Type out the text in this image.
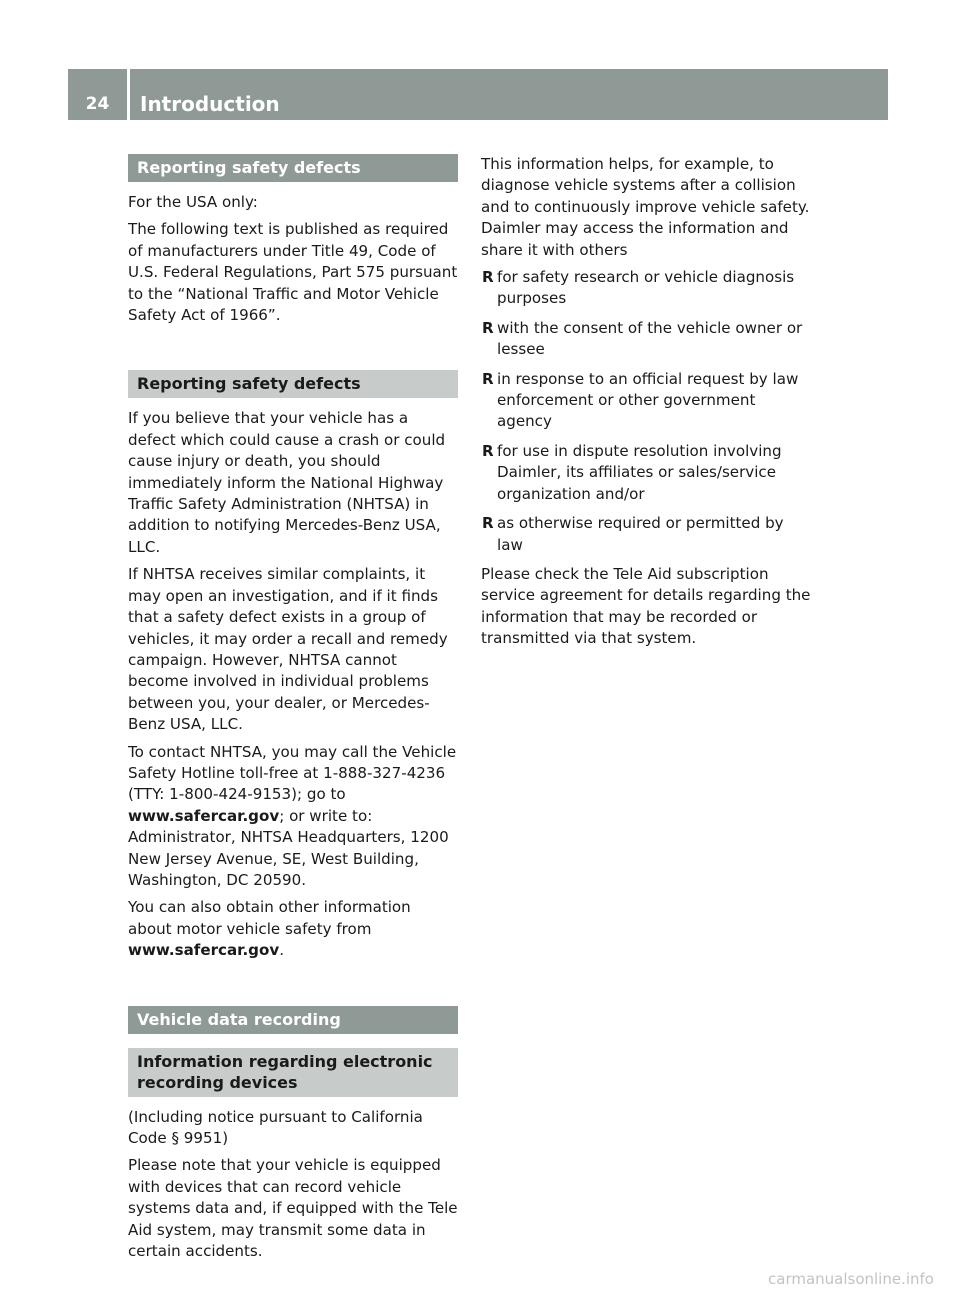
24	Introduction
Reporting safety defects

For the USA only:

The following text is published as required of manufacturers under Title 49, Code of U.S. Federal Regulations, Part 575 pursuant to the “National Traffic and Motor Vehicle Safety Act of 1966”.

Reporting safety defects

If you believe that your vehicle has a defect which could cause a crash or could cause injury or death, you should immediately inform the National Highway Traffic Safety Administration (NHTSA) in addition to notifying Mercedes-Benz USA, LLC.

If NHTSA receives similar complaints, it may open an investigation, and if it finds that a safety defect exists in a group of vehicles, it may order a recall and remedy campaign. However, NHTSA cannot become involved in individual problems between you, your dealer, or Mercedes-Benz USA, LLC.

To contact NHTSA, you may call the Vehicle Safety Hotline toll-free at 1-888-327-4236 (TTY: 1-800-424-9153); go to www.safercar.gov; or write to: Administrator, NHTSA Headquarters, 1200 New Jersey Avenue, SE, West Building, Washington, DC 20590.

You can also obtain other information about motor vehicle safety from www.safercar.gov.

Vehicle data recording
Information regarding electronic recording devices

(Including notice pursuant to California Code § 9951)

Please note that your vehicle is equipped with devices that can record vehicle systems data and, if equipped with the Tele Aid system, may transmit some data in certain accidents.

This information helps, for example, to diagnose vehicle systems after a collision and to continuously improve vehicle safety. Daimler may access the information and share it with others

R for safety research or vehicle diagnosis purposes
R with the consent of the vehicle owner or lessee
R in response to an official request by law enforcement or other government agency
R for use in dispute resolution involving Daimler, its affiliates or sales/service organization and/or
R as otherwise required or permitted by law

Please check the Tele Aid subscription service agreement for details regarding the information that may be recorded or transmitted via that system.

carmanualsonline.info
